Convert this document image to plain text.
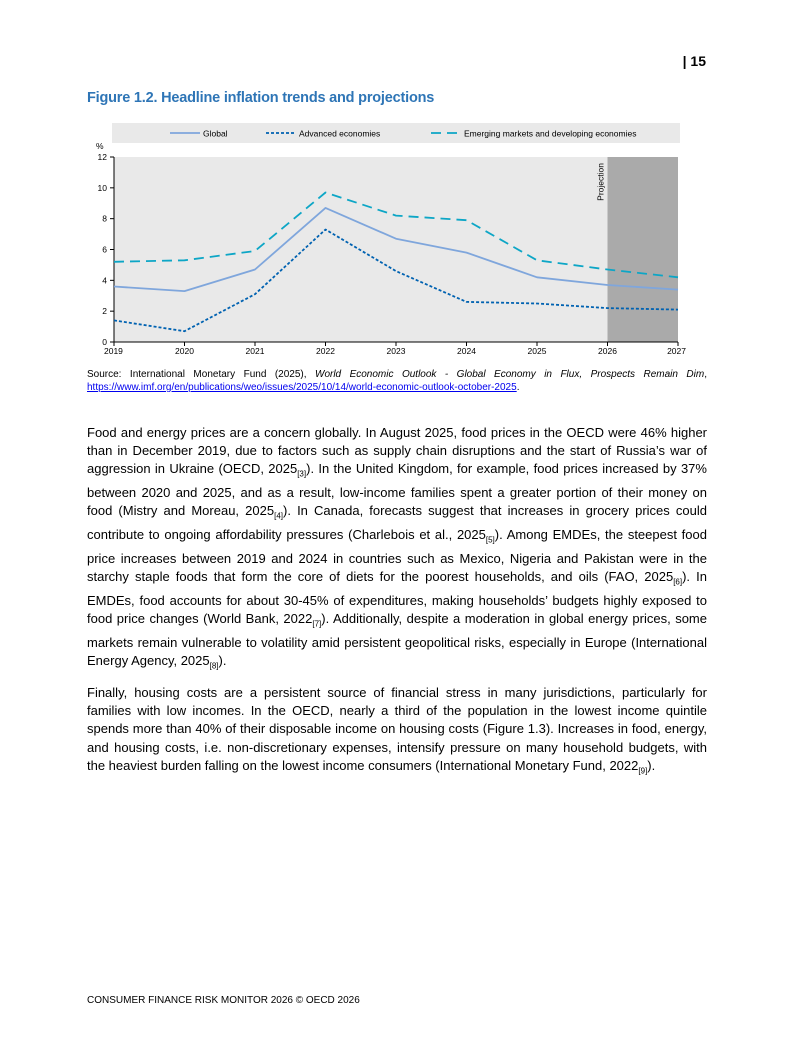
| 15
Figure 1.2. Headline inflation trends and projections
Global	Advanced economies	Emerging markets and developing economies
Projection
0
2
4
6
8
10
12
%
2019	2020	2021	2022	2023	2024	2025	2026	2027
Source: International Monetary Fund (2025), World Economic Outlook - Global Economy in Flux, Prospects Remain Dim, https://www.imf.org/en/publications/weo/issues/2025/10/14/world-economic-outlook-october-2025.

Food and energy prices are a concern globally. In August 2025, food prices in the OECD were 46% higher than in December 2019, due to factors such as supply chain disruptions and the start of Russia’s war of aggression in Ukraine (OECD, $2025_{[3]}$). In the United Kingdom, for example, food prices increased by 37% between 2020 and 2025, and as a result, low-income families spent a greater portion of their money on food (Mistry and Moreau, $2025_{[4]}$). In Canada, forecasts suggest that increases in grocery prices could contribute to ongoing affordability pressures (Charlebois et al., $2025_{[5]}$). Among EMDEs, the steepest food price increases between 2019 and 2024 in countries such as Mexico, Nigeria and Pakistan were in the starchy staple foods that form the core of diets for the poorest households, and oils (FAO, $2025_{[6]}$). In EMDEs, food accounts for about 30-45% of expenditures, making households’ budgets highly exposed to food price changes (World Bank, $2022_{[7]}$). Additionally, despite a moderation in global energy prices, some markets remain vulnerable to volatility amid persistent geopolitical risks, especially in Europe (International Energy Agency, $2025_{[8]}$).

Finally, housing costs are a persistent source of financial stress in many jurisdictions, particularly for families with low incomes. In the OECD, nearly a third of the population in the lowest income quintile spends more than 40% of their disposable income on housing costs (Figure 1.3). Increases in food, energy, and housing costs, i.e. non-discretionary expenses, intensify pressure on many household budgets, with the heaviest burden falling on the lowest income consumers (International Monetary Fund, $2022_{[9]}$).

CONSUMER FINANCE RISK MONITOR 2026 © OECD 2026
